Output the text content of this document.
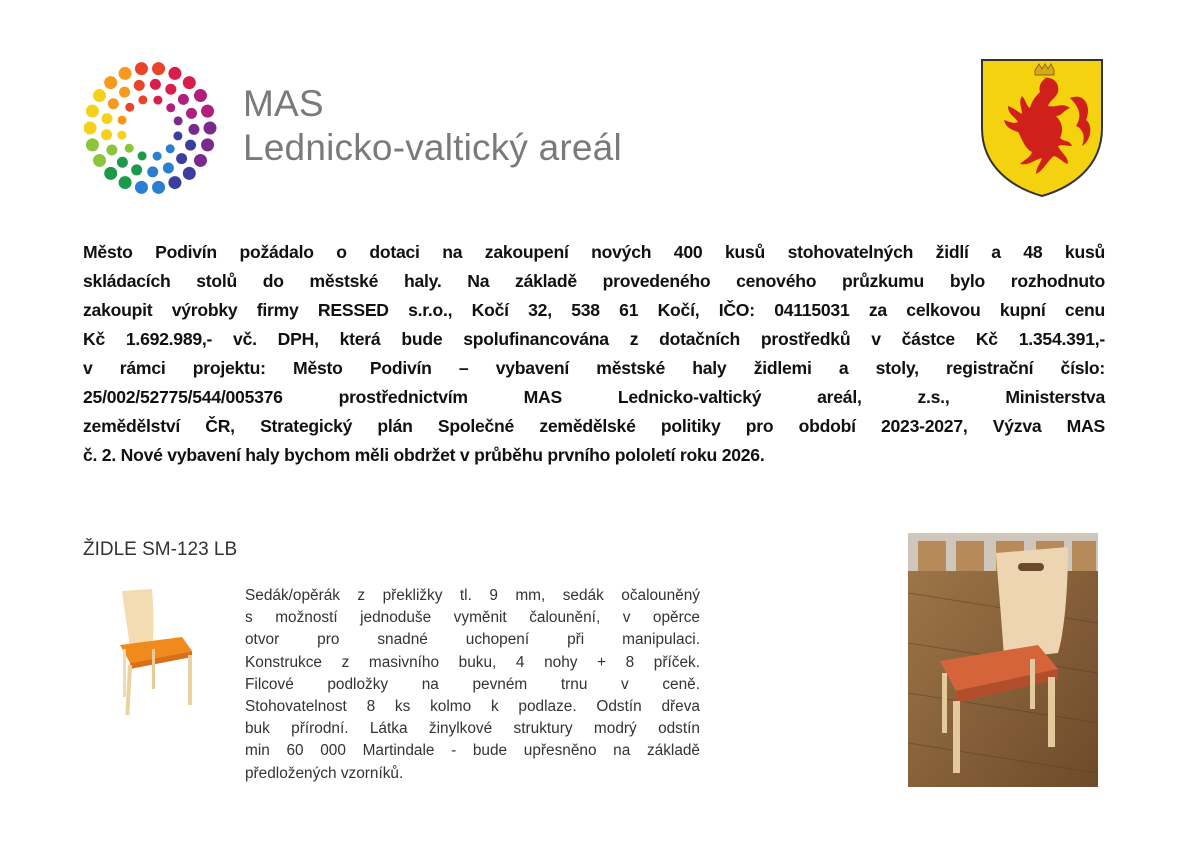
MAS
Lednicko-valtický areál
Město Podivín požádalo o dotaci na zakoupení nových 400 kusů stohovatelných židlí a 48 kusů
skládacích stolů do městské haly. Na základě provedeného cenového průzkumu bylo rozhodnuto
zakoupit výrobky firmy RESSED s.r.o., Kočí 32, 538 61 Kočí, IČO: 04115031 za celkovou kupní cenu
Kč 1.692.989,- vč. DPH, která bude spolufinancována z dotačních prostředků v částce Kč 1.354.391,-
v rámci projektu: Město Podivín – vybavení městské haly židlemi a stoly, registrační číslo:
25/002/52775/544/005376 prostřednictvím MAS Lednicko-valtický areál, z.s., Ministerstva
zemědělství ČR, Strategický plán Společné zemědělské politiky pro období 2023-2027, Výzva MAS
č. 2. Nové vybavení haly bychom měli obdržet v průběhu prvního pololetí roku 2026.
ŽIDLE SM-123 LB
Sedák/opěrák z překližky tl. 9 mm, sedák očalouněný
s možností jednoduše vyměnit čalounění, v opěrce
otvor pro snadné uchopení při manipulaci.
Konstrukce z masivního buku, 4 nohy + 8 příček.
Filcové podložky na pevném trnu v ceně.
Stohovatelnost 8 ks kolmo k podlaze. Odstín dřeva
buk přírodní. Látka žinylkové struktury modrý odstín
min 60 000 Martindale - bude upřesněno na základě
předložených vzorníků.
